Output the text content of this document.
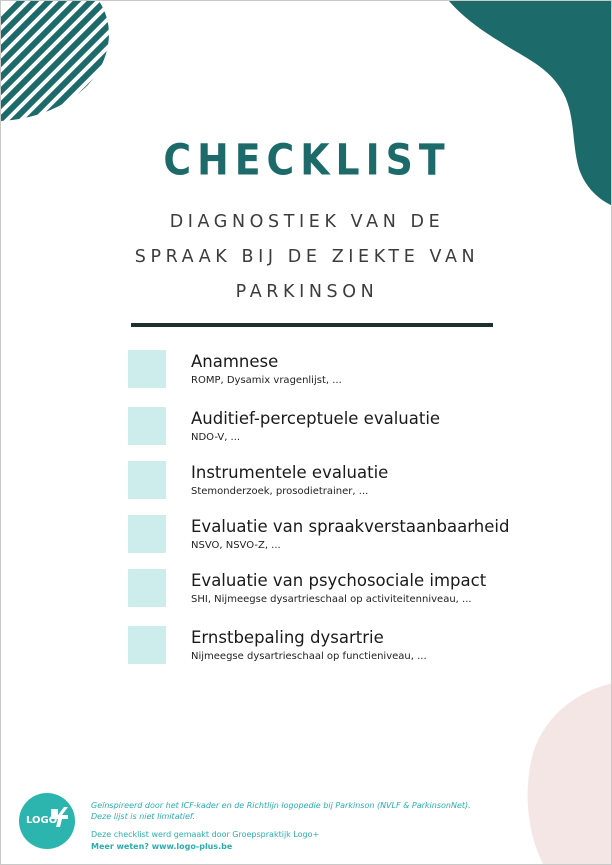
CHECKLIST
DIAGNOSTIEK VAN DE
SPRAAK BIJ DE ZIEKTE VAN
PARKINSON
Anamnese
ROMP, Dysamix vragenlijst, ...
Auditief-perceptuele evaluatie
NDO-V, ...
Instrumentele evaluatie
Stemonderzoek, prosodietrainer, ...
Evaluatie van spraakverstaanbaarheid
NSVO, NSVO-Z, ...
Evaluatie van psychosociale impact
SHI, Nijmeegse dysartrieschaal op activiteitenniveau, ...
Ernstbepaling dysartrie
Nijmeegse dysartrieschaal op functieniveau, ...
LOGO
Geïnspireerd door het ICF-kader en de Richtlijn logopedie bij Parkinson (NVLF & ParkinsonNet).
Deze lijst is niet limitatief.
Deze checklist werd gemaakt door Groepspraktijk Logo+
Meer weten? www.logo-plus.be
